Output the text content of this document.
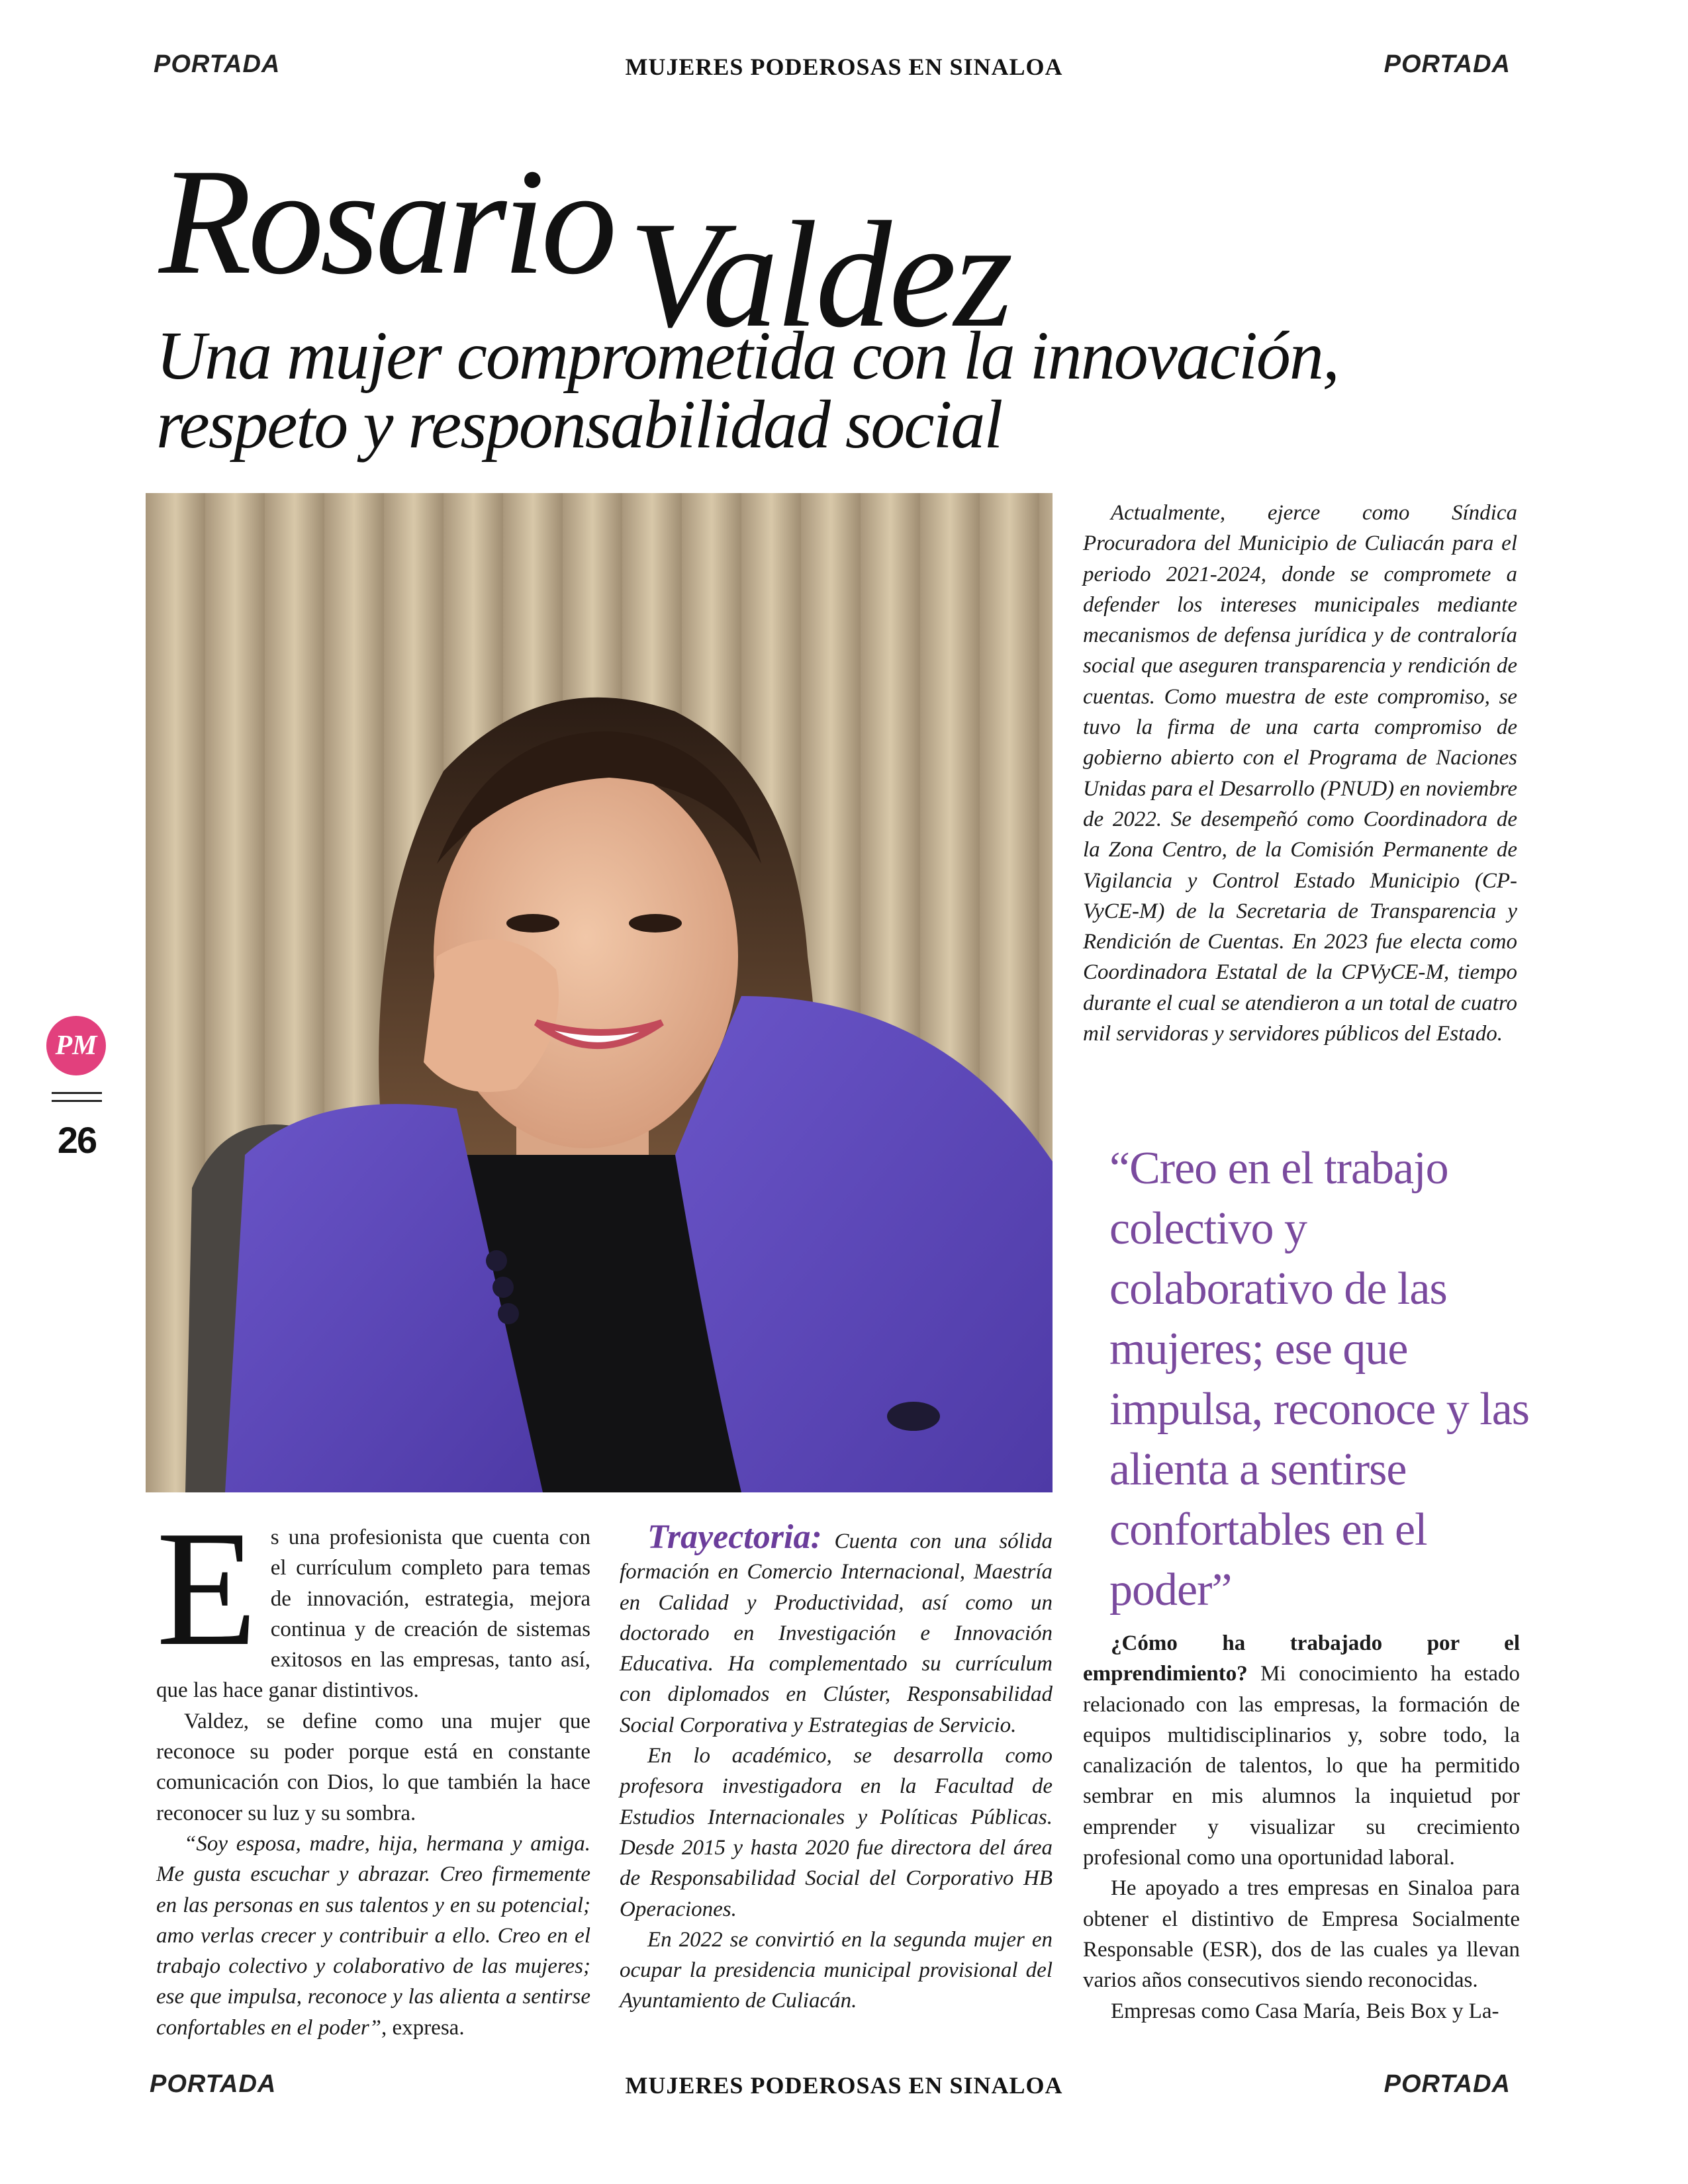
PORTADA	MUJERES PODEROSAS EN SINALOA	PORTADA
Rosario Valdez
Una mujer comprometida con la innovación, respeto y responsabilidad social

Actualmente, ejerce como Síndica Procuradora del Municipio de Culiacán para el periodo 2021-2024, donde se compromete a defender los intereses municipales mediante mecanismos de defensa jurídica y de contraloría social que aseguren transparencia y rendición de cuentas. Como muestra de este compromiso, se tuvo la firma de una carta compromiso de gobierno abierto con el Programa de Naciones Unidas para el Desarrollo (PNUD) en noviembre de 2022. Se desempeñó como Coordinadora de la Zona Centro, de la Comisión Permanente de Vigilancia y Control Estado Municipio (CP-VyCE-M) de la Secretaria de Transparencia y Rendición de Cuentas. En 2023 fue electa como Coordinadora Estatal de la CPVyCE-M, tiempo durante el cual se atendieron a un total de cuatro mil servidoras y servidores públicos del Estado.

“Creo en el trabajo colectivo y colaborativo de las mujeres; ese que impulsa, reconoce y las alienta a sentirse confortables en el poder”
E s una profesionista que cuenta con el currículum completo para temas de innovación, estrategia, mejora continua y de creación de sistemas exitosos en las empresas, tanto así, que las hace ganar distintivos.

Valdez, se define como una mujer que reconoce su poder porque está en constante comunicación con Dios, lo que también la hace reconocer su luz y su sombra.

“Soy esposa, madre, hija, hermana y amiga. Me gusta escuchar y abrazar. Creo firmemente en las personas en sus talentos y en su potencial; amo verlas crecer y contribuir a ello. Creo en el trabajo colectivo y colaborativo de las mujeres; ese que impulsa, reconoce y las alienta a sentirse confortables en el poder”, expresa.

Trayectoria: Cuenta con una sólida formación en Comercio Internacional, Maestría en Calidad y Productividad, así como un doctorado en Investigación e Innovación Educativa. Ha complementado su currículum con diplomados en Clúster, Responsabilidad Social Corporativa y Estrategias de Servicio.

En lo académico, se desarrolla como profesora investigadora en la Facultad de Estudios Internacionales y Políticas Públicas. Desde 2015 y hasta 2020 fue directora del área de Responsabilidad Social del Corporativo HB Operaciones.

En 2022 se convirtió en la segunda mujer en ocupar la presidencia municipal provisional del Ayuntamiento de Culiacán.

¿Cómo ha trabajado por el emprendimiento? Mi conocimiento ha estado relacionado con las empresas, la formación de equipos multidisciplinarios y, sobre todo, la canalización de talentos, lo que ha permitido sembrar en mis alumnos la inquietud por emprender y visualizar su crecimiento profesional como una oportunidad laboral.

He apoyado a tres empresas en Sinaloa para obtener el distintivo de Empresa Socialmente Responsable (ESR), dos de las cuales ya llevan varios años consecutivos siendo reconocidas.

Empresas como Casa María, Beis Box y La-

PM
26
PORTADA	MUJERES PODEROSAS EN SINALOA	PORTADA
